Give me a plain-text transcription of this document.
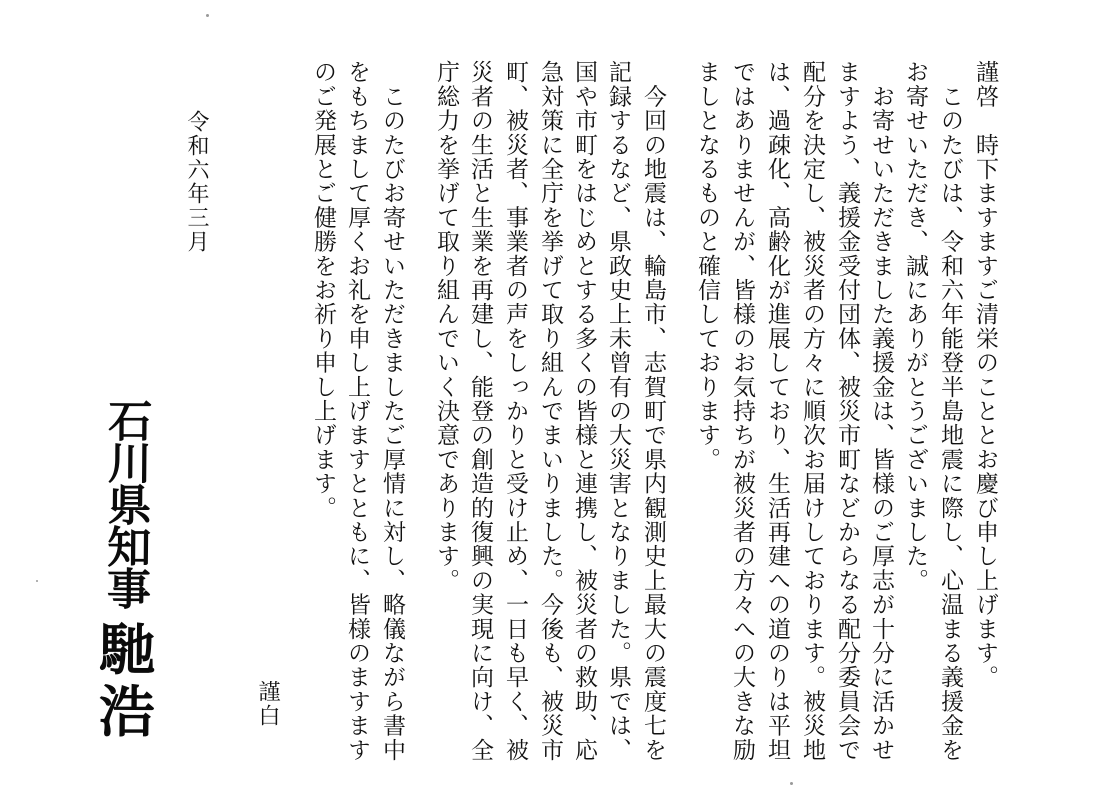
謹啓　時下ますますご清栄のこととお慶び申し上げます。
　このたびは、令和六年能登半島地震に際し、心温まる義援金を
お寄せいただき、誠にありがとうございました。
　お寄せいただきました義援金は、皆様のご厚志が十分に活かせ
ますよう、義援金受付団体、被災市町などからなる配分委員会で
配分を決定し、被災者の方々に順次お届けしております。被災地
は、過疎化、高齢化が進展しており、生活再建への道のりは平坦
ではありませんが、皆様のお気持ちが被災者の方々への大きな励
ましとなるものと確信しております。
　今回の地震は、輪島市、志賀町で県内観測史上最大の震度七を
記録するなど、県政史上未曾有の大災害となりました。県では、
国や市町をはじめとする多くの皆様と連携し、被災者の救助、応
急対策に全庁を挙げて取り組んでまいりました。今後も、被災市
町、被災者、事業者の声をしっかりと受け止め、一日も早く、被
災者の生活と生業を再建し、能登の創造的復興の実現に向け、全
庁総力を挙げて取り組んでいく決意であります。
　このたびお寄せいただきましたご厚情に対し、略儀ながら書中
をもちまして厚くお礼を申し上げますとともに、皆様のますます
のご発展とご健勝をお祈り申し上げます。
謹白
令和六年三月
石川県知事馳浩
